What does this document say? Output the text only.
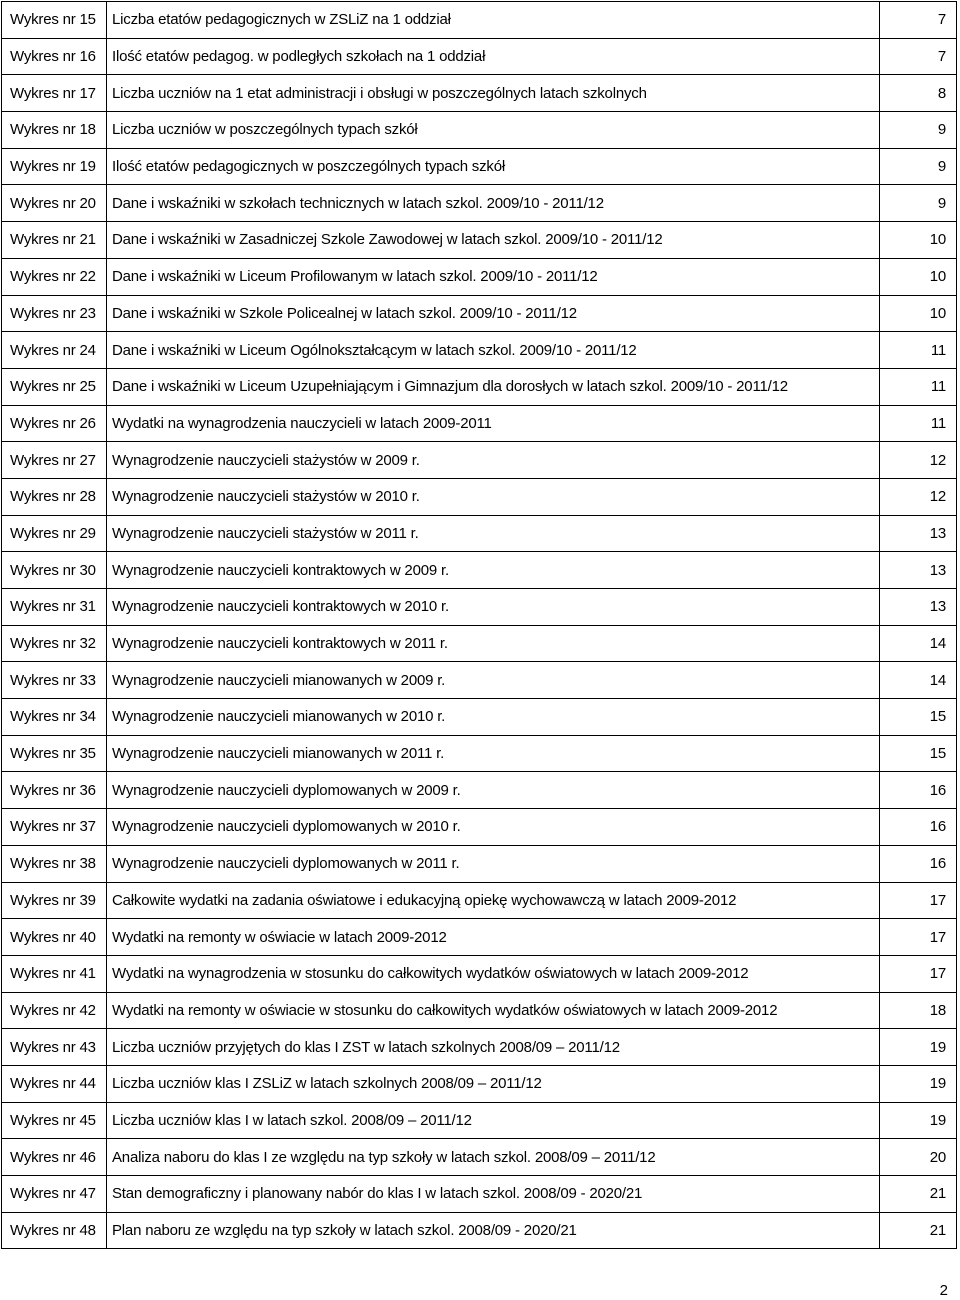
Wykres nr 15	Liczba etatów pedagogicznych w ZSLiZ na 1 oddział	7
Wykres nr 16	Ilość etatów pedagog. w podległych szkołach na 1 oddział	7
Wykres nr 17	Liczba uczniów na 1 etat administracji i obsługi w poszczególnych latach szkolnych	8
Wykres nr 18	Liczba uczniów w poszczególnych typach szkół	9
Wykres nr 19	Ilość etatów pedagogicznych w poszczególnych typach szkół	9
Wykres nr 20	Dane i wskaźniki w szkołach technicznych w latach szkol. 2009/10 - 2011/12	9
Wykres nr 21	Dane i wskaźniki w Zasadniczej Szkole Zawodowej w latach szkol. 2009/10 - 2011/12	10
Wykres nr 22	Dane i wskaźniki w Liceum Profilowanym w latach szkol. 2009/10 - 2011/12	10
Wykres nr 23	Dane i wskaźniki w Szkole Policealnej w latach szkol. 2009/10 - 2011/12	10
Wykres nr 24	Dane i wskaźniki w Liceum Ogólnokształcącym w latach szkol. 2009/10 - 2011/12	11
Wykres nr 25	Dane i wskaźniki w Liceum Uzupełniającym i Gimnazjum dla dorosłych w latach szkol. 2009/10 - 2011/12	11
Wykres nr 26	Wydatki na wynagrodzenia nauczycieli w latach 2009-2011	11
Wykres nr 27	Wynagrodzenie nauczycieli stażystów w 2009 r.	12
Wykres nr 28	Wynagrodzenie nauczycieli stażystów w 2010 r.	12
Wykres nr 29	Wynagrodzenie nauczycieli stażystów w 2011 r.	13
Wykres nr 30	Wynagrodzenie nauczycieli kontraktowych w 2009 r.	13
Wykres nr 31	Wynagrodzenie nauczycieli kontraktowych w 2010 r.	13
Wykres nr 32	Wynagrodzenie nauczycieli kontraktowych w 2011 r.	14
Wykres nr 33	Wynagrodzenie nauczycieli mianowanych w 2009 r.	14
Wykres nr 34	Wynagrodzenie nauczycieli mianowanych w 2010 r.	15
Wykres nr 35	Wynagrodzenie nauczycieli mianowanych w 2011 r.	15
Wykres nr 36	Wynagrodzenie nauczycieli dyplomowanych w 2009 r.	16
Wykres nr 37	Wynagrodzenie nauczycieli dyplomowanych w 2010 r.	16
Wykres nr 38	Wynagrodzenie nauczycieli dyplomowanych w 2011 r.	16
Wykres nr 39	Całkowite wydatki na zadania oświatowe i edukacyjną opiekę wychowawczą w latach 2009-2012	17
Wykres nr 40	Wydatki na remonty w oświacie w latach 2009-2012	17
Wykres nr 41	Wydatki na wynagrodzenia w stosunku do całkowitych wydatków oświatowych w latach 2009-2012	17
Wykres nr 42	Wydatki na remonty w oświacie w stosunku do całkowitych wydatków oświatowych w latach 2009-2012	18
Wykres nr 43	Liczba uczniów przyjętych do klas I ZST w latach szkolnych 2008/09 – 2011/12	19
Wykres nr 44	Liczba uczniów klas I ZSLiZ w latach szkolnych 2008/09 – 2011/12	19
Wykres nr 45	Liczba uczniów klas I w latach szkol. 2008/09 – 2011/12	19
Wykres nr 46	Analiza naboru do klas I ze względu na typ szkoły w latach szkol. 2008/09 – 2011/12	20
Wykres nr 47	Stan demograficzny i planowany nabór do klas I w latach szkol. 2008/09 - 2020/21	21
Wykres nr 48	Plan naboru ze względu na typ szkoły w latach szkol. 2008/09 - 2020/21	21
2
